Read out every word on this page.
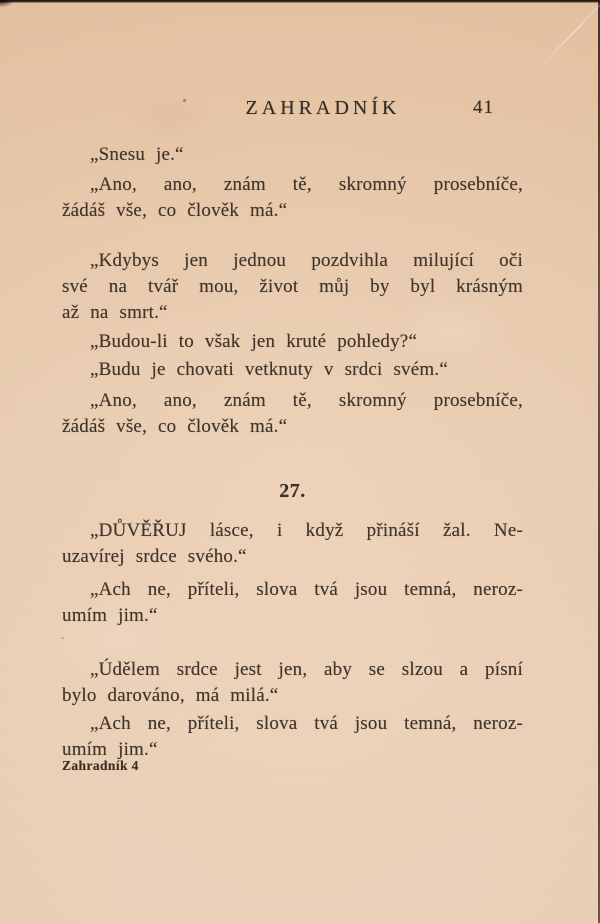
ZAHRADNÍK	41
„Snesu je.“
„Ano, ano, znám tě, skromný prosebníče,
žádáš vše, co člověk má.“
„Kdybys jen jednou pozdvihla milující oči
své na tvář mou, život můj by byl krásným
až na smrt.“
„Budou-li to však jen kruté pohledy?“
„Budu je chovati vetknuty v srdci svém.“
„Ano, ano, znám tě, skromný prosebníče,
žádáš vše, co člověk má.“
27.
„DŮVĚŘUJ lásce, i když přináší žal. Ne-
uzavírej srdce svého.“
„Ach ne, příteli, slova tvá jsou temná, neroz-
umím jim.“
„Údělem srdce jest jen, aby se slzou a písní
bylo darováno, má milá.“
„Ach ne, příteli, slova tvá jsou temná, neroz-
umím jim.“
Zahradník 4
